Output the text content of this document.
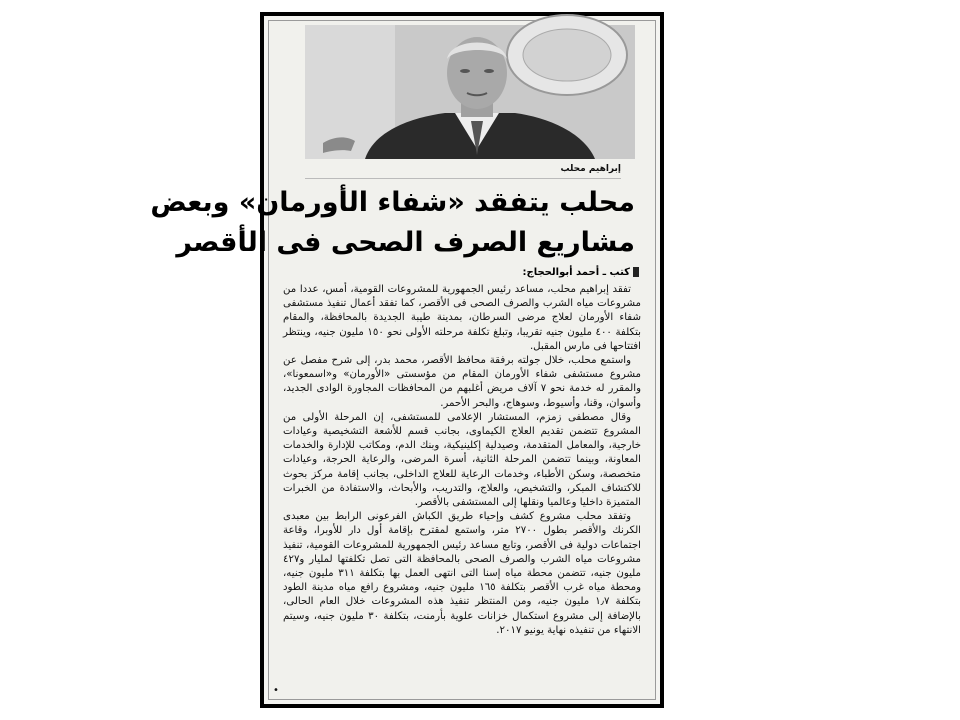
إبراهيم محلب
محلب يتفقد «شفاء الأورمان» وبعض
مشاريع الصرف الصحى فى الأقصر
كتب ـ أحمد أبوالحجاج:

تفقد إبراهيم محلب، مساعد رئيس الجمهورية للمشروعات القومية، أمس، عددا من مشروعات مياه الشرب والصرف الصحى فى الأقصر، كما تفقد أعمال تنفيذ مستشفى شفاء الأورمان لعلاج مرضى السرطان، بمدينة طيبة الجديدة بالمحافظة، والمقام بتكلفة ٤٠٠ مليون جنيه تقريبا، وتبلغ تكلفة مرحلته الأولى نحو ١٥٠ مليون جنيه، وينتظر افتتاحها فى مارس المقبل.

واستمع محلب، خلال جولته برفقة محافظ الأقصر، محمد بدر، إلى شرح مفصل عن مشروع مستشفى شفاء الأورمان المقام من مؤسستى «الأورمان» و«اسمعونا»، والمقرر له خدمة نحو ٧ آلاف مريض أغلبهم من المحافظات المجاورة الوادى الجديد، وأسوان، وقنا، وأسيوط، وسوهاج، والبحر الأحمر.

وقال مصطفى زمزم، المستشار الإعلامى للمستشفى، إن المرحلة الأولى من المشروع تتضمن تقديم العلاج الكيماوى، بجانب قسم للأشعة التشخيصية وعيادات خارجية، والمعامل المتقدمة، وصيدلية إكلينيكية، وبنك الدم، ومكاتب للإدارة والخدمات المعاونة، وبينما تتضمن المرحلة الثانية، أسرة المرضى، والرعاية الحرجة، وعيادات متخصصة، وسكن الأطباء، وخدمات الرعاية للعلاج الداخلى، بجانب إقامة مركز بحوث للاكتشاف المبكر، والتشخيص، والعلاج، والتدريب، والأبحاث، والاستفادة من الخبرات المتميزة داخليا وعالميا ونقلها إلى المستشفى بالأقصر.

وتفقد محلب مشروع كشف وإحياء طريق الكباش الفرعونى الرابط بين معبدى الكرنك والأقصر بطول ٢٧٠٠ متر، واستمع لمقترح بإقامة أول دار للأوبرا، وقاعة اجتماعات دولية فى الأقصر، وتابع مساعد رئيس الجمهورية للمشروعات القومية، تنفيذ مشروعات مياه الشرب والصرف الصحى بالمحافظة التى تصل تكلفتها لمليار و٤٢٧ مليون جنيه، تتضمن محطة مياه إسنا التى انتهى العمل بها بتكلفة ٣١١ مليون جنيه، ومحطة مياه غرب الأقصر بتكلفة ١٦٥ مليون جنيه، ومشروع رافع مياه مدينة الطود بتكلفة ١٫٧ مليون جنيه، ومن المنتظر تنفيذ هذه المشروعات خلال العام الحالى، بالإضافة إلى مشروع استكمال خزانات علوية بأرمنت، بتكلفة ٣٠ مليون جنيه، وسيتم الانتهاء من تنفيذه نهاية يونيو ٢٠١٧.

•
